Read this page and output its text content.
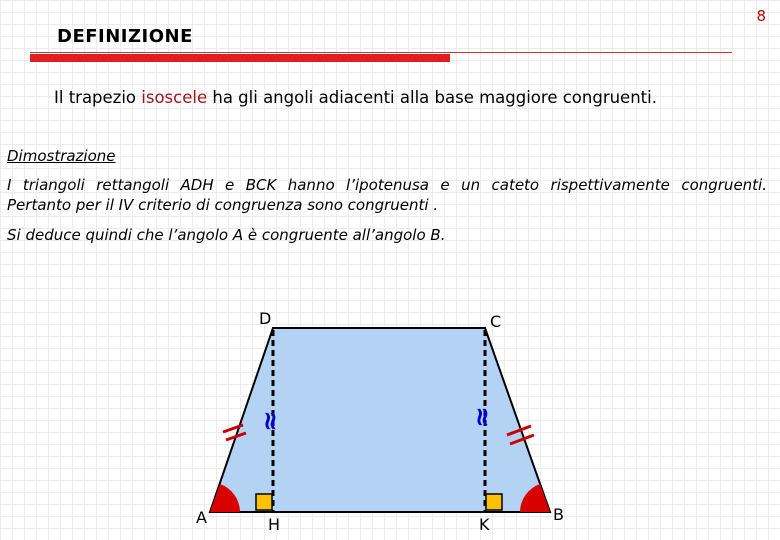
8
DEFINIZIONE
Il trapezio isoscele ha gli angoli adiacenti alla base maggiore congruenti.
Dimostrazione
I triangoli rettangoli ADH e BCK hanno l’ipotenusa e un cateto rispettivamente congruenti.
Pertanto per il IV criterio di congruenza sono congruenti .
Si deduce quindi che l’angolo A è congruente all’angolo B.
≈	≈
D	C
A	B
H	K
